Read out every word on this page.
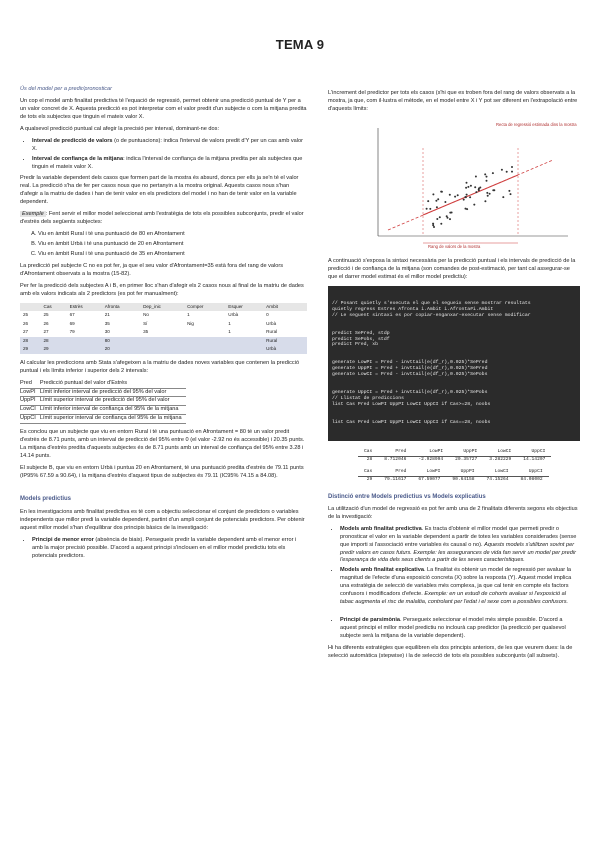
TEMA 9
Ús del model per a predir/pronosticar

Un cop el model amb finalitat predictiva té l'equació de regressió, permet obtenir una predicció puntual de Y per a un valor concret de X. Aquesta predicció es pot interpretar com el valor predit d'un subjecte o com la mitjana predita de tots els subjectes que tinguin el mateix valor X.

A qualsevol predicció puntual cal afegir la precisió per interval, dominant-ne dos:

• Interval de predicció de valors (o de puntuacions): indica l'interval de valors predit d'Y per un cas amb valor X.
• Interval de confiança de la mitjana: indica l'interval de confiança de la mitjana predita per als subjectes que tinguin el mateix valor X.

Predir la variable dependent dels casos que formen part de la mostra és absurd, doncs per ells ja se'n té el valor real. La predicció s'ha de fer per casos nous que no pertanyin a la mostra original. Aquests casos nous s'han d'afegir a la matriu de dades i han de tenir valor en els predictors del model i no han de tenir valor en la variable dependent.

Exemple : Fent servir el millor model seleccionat amb l'estratègia de tots els possibles subconjunts, predir el valor d'estrès dels següents subjectes:

A. Viu en àmbit Rural i té una puntuació de 80 en Afrontament
B. Viu en àmbit Urbà i té una puntuació de 20 en Afrontament
C. Viu en àmbit Rural i té una puntuació de 35 en Afrontament

La predicció pel subjecte C no es pot fer, ja que el seu valor d'Afrontament=35 està fora del rang de valors d'Afrontament observats a la mostra (15-82).

Per fer la predicció dels subjectes A i B, en primer lloc s'han d'afegir els 2 casos nous al final de la matriu de dades amb els valors indicats als 2 predictors (es pot fer manualment):

	Cas	Estrès	Afronta	Dep_inic	Comper	Esquer	Ambit	
25	25	67	21	No	1	Urbà	0	
26	26	69	35	Sí	Nig	1	Urbà	
27	27	79	30	35		1	Rural	
28	28		80				Rural	
29	29		20				Urbà	

Al calcular les prediccions amb Stata s'afegeixen a la matriu de dades noves variables que contenen la predicció puntual i els límits inferior i superior dels 2 intervals:

Pred	Predicció puntual del valor d'Estrès
LowPI	Límit inferior interval de predicció del 95% del valor
UppPI	Límit superior interval de predicció del 95% del valor
LowCI	Límit inferior interval de confiança del 95% de la mitjana
UppCI	Límit superior interval de confiança del 95% de la mitjana

Es conclou que un subjecte que viu en entorn Rural i té una puntuació en Afrontament = 80 té un valor predit d'estrès de 8.71 punts, amb un interval de predicció del 95% entre 0 (el valor -2.92 no és accessible) i 20.35 punts. La mitjana d'estrès predita d'aquests subjectes és de 8.71 punts amb un interval de confiança del 95% entre 3.28 i 14.14 punts.

El subjecte B, que viu en entorn Urbà i puntua 20 en Afrontament, té una puntuació predita d'estrès de 79.11 punts (IP95% 67.59 a 90.64), i la mitjana d'estrès d'aquest tipus de subjectes és 79.11 (IC95% 74.15 a 84.08).

Models predictius

En les investigacions amb finalitat predictiva es té com a objectiu seleccionar el conjunt de predictors o variables independents que millor predi la variable dependent, partint d'un ampli conjunt de potencials predictors. Per obtenir aquest millor model s'han d'equilibrar dos principis bàsics de la investigació:

• Principi de menor error (absència de biaix). Persegueix predir la variable dependent amb el menor error i amb la major precisió possible. D'acord a aquest principi s'inclouen en el millor model predictiu tots els potencials predictors.

L'increment del predictor per tots els casos (s'hi que es troben fora del rang de valors observats a la mostra, ja que, com il·lustra el mètode, en el model entre X i Y pot ser diferent en l'extrapolació entre d'aquests límits:

Recta de regressió estimada dins la mostra
Rang de valors de la mostra

A continuació s'exposa la sintaxi necessària per la predicció puntual i els intervals de predicció de la predicció i de confiança de la mitjana (son comandes de post-estimació, per tant cal assegurar-se que el darrer model estimat és el millor model predictiu):

// Posant quietly s'executa el que el segueix sense mostrar resultats
quietly regress Estres Afronta i.Ambit i.Afronta#i.Ambit
// Le seguent sintaxi es por copiar-enganxar-executar sense modificar

predict SePred, stdp
predict SePobs, stdf
predict Pred, xb

generate LowPI = Pred - invttail(e(df_r),0.025)*SePred
generate UppPI = Pred + invttail(e(df_r),0.025)*SePred
generate LowCI = Pred - invttail(e(df_r),0.025)*SePobs

generate UppCI = Pred + invttail(e(df_r),0.025)*SePobs
// Llistat de prediccions
list Cas Pred LowPI UppPI LowCI UppCI if Cas>=28, noobs

list Cas Pred LowPI UppPI LowCI UppCI if Cas==28, noobs

Cas	Pred	LowPI	UppPI	LowCI	UppCI
28	8.712046	-2.928994	20.35727	3.282229	14.14207
Cas	Pred	LowPI	UppPI	LowCI	UppCI
29	79.11617	67.59077	90.64158	74.15264	84.08002
Distinció entre Models predictius vs Models explicatius

La utilització d'un model de regressió es pot fer amb una de 2 finalitats diferents segons els objectius de la investigació:

• Models amb finalitat predictiva. Es tracta d'obtenir el millor model que permeti predir o pronosticar el valor en la variable dependent a partir de totes les variables considerades (sense que importi si l'associació entre variables és causal o no). Aquests models s'utilitzen sovint per predir valors en casos futurs. Exemple: les assegurances de vida fan servir un model per predir l'esperança de vida dels seus clients a partir de les seves característiques.
• Models amb finalitat explicativa. La finalitat és obtenir un model de regressió per avaluar la magnitud de l'efecte d'una exposició concreta (X) sobre la resposta (Y). Aquest model implica una estratègia de selecció de variables més complexa, ja que cal tenir en compte els factors confusors i modificadors d'efecte. Exemple: en un estudi de cohorts avaluar si l'exposició al tabac augmenta el risc de malaltia, controlant per l'edat i el sexe com a possibles confusors.
• Principi de parsimònia. Persegueix seleccionar el model més simple possible. D'acord a aquest principi el millor model predictiu no inclourà cap predictor (la predicció per qualsevol subjecte serà la mitjana de la variable dependent).

Hi ha diferents estratègies que equilibren els dos principis anteriors, de les que veurem dues: la de selecció automàtica (stepwise) i la de selecció de tots els possibles subconjunts (all subsets).
